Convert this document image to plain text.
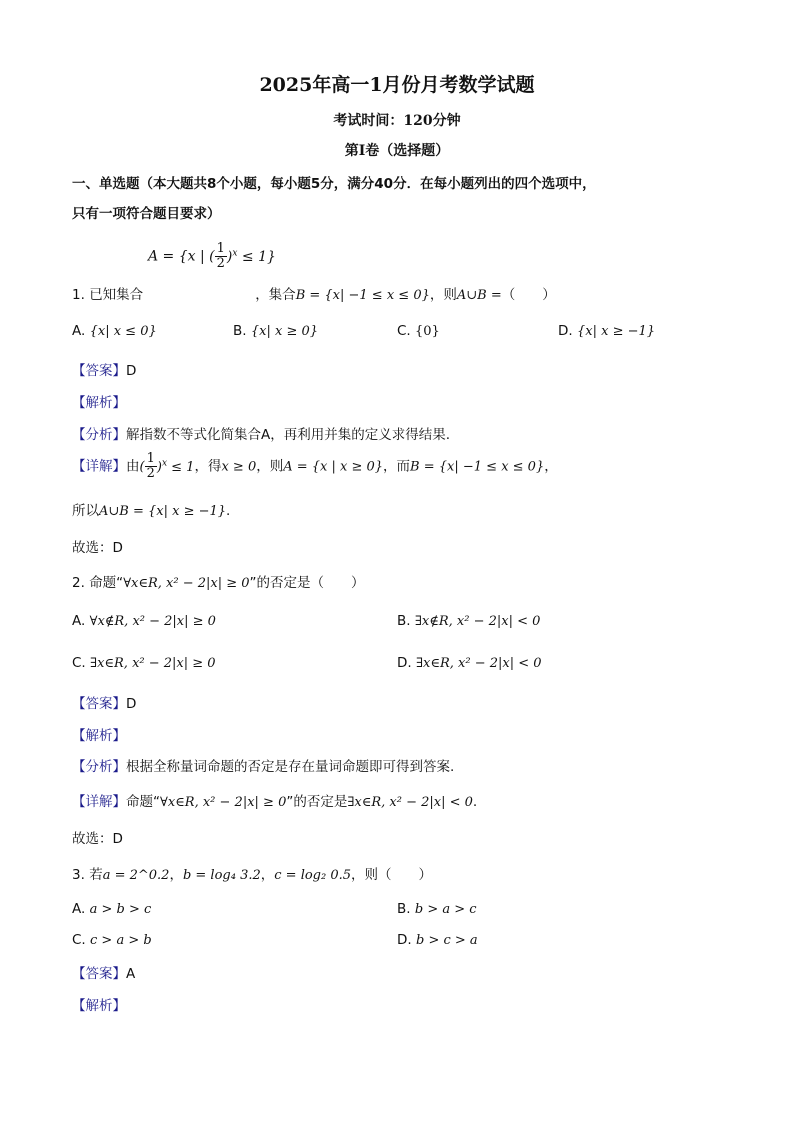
2025年高一1月份月考数学试题
考试时间：120分钟
第I卷（选择题）
一、单选题（本大题共8个小题，每小题5分，满分40分．在每小题列出的四个选项中，
只有一项符合题目要求）
A = {x | ( $\frac{1}{2} )^x \le 1$}
1. 已知集合	，集合B = {x| −1 ≤ x ≤ 0}，则A∪B =（　　）
A. {x| x ≤ 0}	B. {x| x ≥ 0}	C. {0}	D. {x| x ≥ −1}
【答案】D
【解析】
【分析】解指数不等式化简集合A，再利用并集的定义求得结果.
【详解】由( $\frac{1}{2} )^x \le 1$，得x ≥ 0，则A = {x | x ≥ 0}，而B = {x| −1 ≤ x ≤ 0}，
所以A∪B = {x| x ≥ −1}.
故选：D
2. 命题“∀x∈R, x² − 2|x| ≥ 0”的否定是（　　）
A. ∀x∉R, x² − 2|x| ≥ 0	B. ∃x∉R, x² − 2|x| < 0
C. ∃x∈R, x² − 2|x| ≥ 0	D. ∃x∈R, x² − 2|x| < 0
【答案】D
【解析】
【分析】根据全称量词命题的否定是存在量词命题即可得到答案.
【详解】命题“∀x∈R, x² − 2|x| ≥ 0”的否定是∃x∈R, x² − 2|x| < 0.
故选：D
3. 若a = 2^0.2，b = log₄ 3.2，c = log₂ 0.5，则（　　）
A. a > b > c	B. b > a > c
C. c > a > b	D. b > c > a
【答案】A
【解析】
